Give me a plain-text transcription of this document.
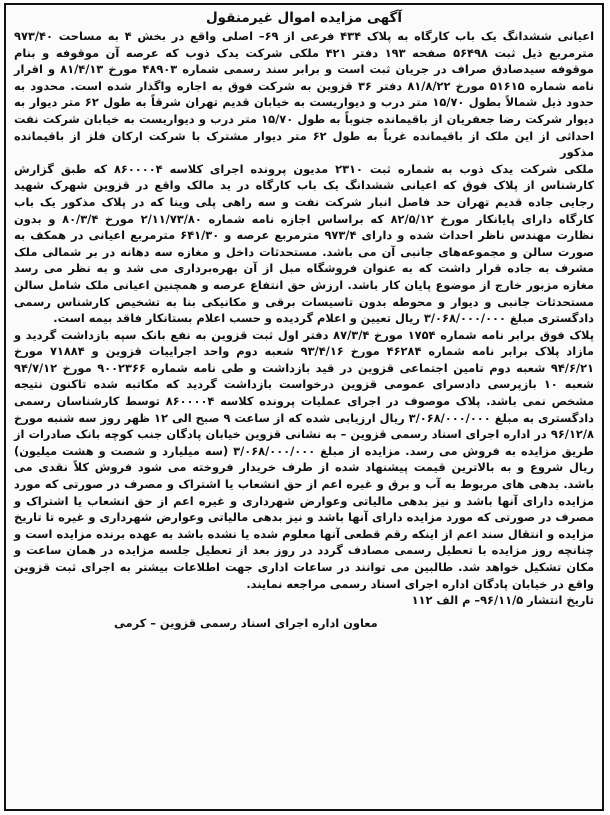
آگهی مزایده اموال غیرمنقول

اعیانی ششدانگ یک باب کارگاه به پلاک ۴۳۴ فرعی از ۶۹– اصلی واقع در بخش ۴ به مساحت ۹۷۳/۴۰ مترمربع ذیل ثبت ۵۶۴۹۸ صفحه ۱۹۳ دفتر ۴۲۱ ملکی شرکت یدک ذوب که عرصه آن موقوفه و بنام موقوفه سیدصادق صراف در جریان ثبت است و برابر سند رسمی شماره ۴۸۹۰۳ مورخ ۸۱/۴/۱۳ و اقرار نامه شماره ۵۱۶۱۵ مورخ ۸۱/۸/۲۲ دفتر ۳۶ قزوین به شرکت فوق به اجاره واگذار شده است. محدود به حدود ذیل شمالاً بطول ۱۵/۷۰ متر درب و دیواریست به خیابان قدیم تهران شرقاً به طول ۶۲ متر دیوار به دیوار شرکت رضا جعفریان از باقیمانده جنوباً به طول ۱۵/۷۰ متر درب و دیواریست به خیابان شرکت نفت احداثی از این ملک از باقیمانده غرباً به طول ۶۲ متر دیوار مشترک با شرکت ارکان فلز از باقیمانده مذکور

ملکی شرکت یدک ذوب به شماره ثبت ۲۳۱۰ مدیون پرونده اجرای کلاسه ۸۶۰۰۰۰۴ که طبق گزارش کارشناس از پلاک فوق که اعیانی ششدانگ یک باب کارگاه در ید مالک واقع در قزوین شهرک شهید رجایی جاده قدیم تهران حد فاصل انبار شرکت نفت و سه راهی پلی وینا که در پلاک مذکور یک باب کارگاه دارای پایانکار مورخ ۸۲/۵/۱۲ که براساس اجازه نامه شماره ۲/۱۱/۷۳/۸۰ مورخ ۸۰/۳/۴ و بدون نظارت مهندس ناظر احداث شده و دارای ۹۷۳/۴ مترمربع عرصه و ۶۴۱/۳۰ مترمربع اعیانی در همکف به صورت سالن و مجموعه‌های جانبی آن می باشد. مستحدثات داخل و مغازه سه دهانه در بر شمالی ملک مشرف به جاده قرار داشت که به عنوان فروشگاه مبل از آن بهره‌برداری می شد و به نظر می رسد مغازه مزبور خارج از موضوع پایان کار باشد. ارزش حق انتفاع عرصه و همچنین اعیانی ملک شامل سالن مستحدثات جانبی و دیوار و محوطه بدون تاسیسات برقی و مکانیکی بنا به تشخیص کارشناس رسمی دادگستری مبلغ ۳/۰۶۸/۰۰۰/۰۰۰ ریال تعیین و اعلام گردیده و حسب اعلام بستانکار فاقد بیمه است.

پلاک فوق برابر نامه شماره ۱۷۵۴ مورخ ۸۷/۳/۴ دفتر اول ثبت قزوین به نفع بانک سپه بازداشت گردید و مازاد پلاک برابر نامه شماره ۴۶۲۸۴ مورخ ۹۳/۴/۱۶ شعبه دوم واحد اجراییات قزوین و ۷۱۸۸۴ مورخ ۹۴/۶/۲۱ شعبه دوم تامین اجتماعی قزوین در قید بازداشت و طی نامه شماره ۹۰۰۲۳۶۶ مورخ ۹۴/۷/۱۲ شعبه ۱۰ بازپرسی دادسرای عمومی قزوین درخواست بازداشت گردید که مکاتبه شده تاکنون نتیجه مشخص نمی باشد. پلاک موصوف در اجرای عملیات پرونده کلاسه ۸۶۰۰۰۰۴ توسط کارشناسان رسمی دادگستری به مبلغ ۳/۰۶۸/۰۰۰/۰۰۰ ریال ارزیابی شده که از ساعت ۹ صبح الی ۱۲ ظهر روز سه شنبه مورخ ۹۶/۱۲/۸ در اداره اجرای اسناد رسمی قزوین – به نشانی قزوین خیابان پادگان جنب کوچه بانک صادرات از طریق مزایده به فروش می رسد. مزایده از مبلغ ۳/۰۶۸/۰۰۰/۰۰۰ (سه میلیارد و شصت و هشت میلیون) ریال شروع و به بالاترین قیمت پیشنهاد شده از طرف خریدار فروخته می شود فروش کلاً نقدی می باشد. بدهی های مربوط به آب و برق و غیره اعم از حق انشعاب یا اشتراک و مصرف در صورتی که مورد مزایده دارای آنها باشد و نیز بدهی مالیاتی وعوارض شهرداری و غیره اعم از حق انشعاب یا اشتراک و مصرف در صورتی که مورد مزایده دارای آنها باشد و نیز بدهی مالیاتی وعوارض شهرداری و غیره تا تاریخ مزایده و انتقال سند اعم از اینکه رقم قطعی آنها معلوم شده یا نشده باشد به عهده برنده مزایده است و چنانچه روز مزایده با تعطیل رسمی مصادف گردد در روز بعد از تعطیل جلسه مزایده در همان ساعت و مکان تشکیل خواهد شد. طالبین می توانند در ساعات اداری جهت اطلاعات بیشتر به اجرای ثبت قزوین واقع در خیابان پادگان اداره اجرای اسناد رسمی مراجعه نمایند.

تاریخ انتشار ۹۶/۱۱/۵– م الف ۱۱۲
معاون اداره اجرای اسناد رسمی قزوین – کرمی
